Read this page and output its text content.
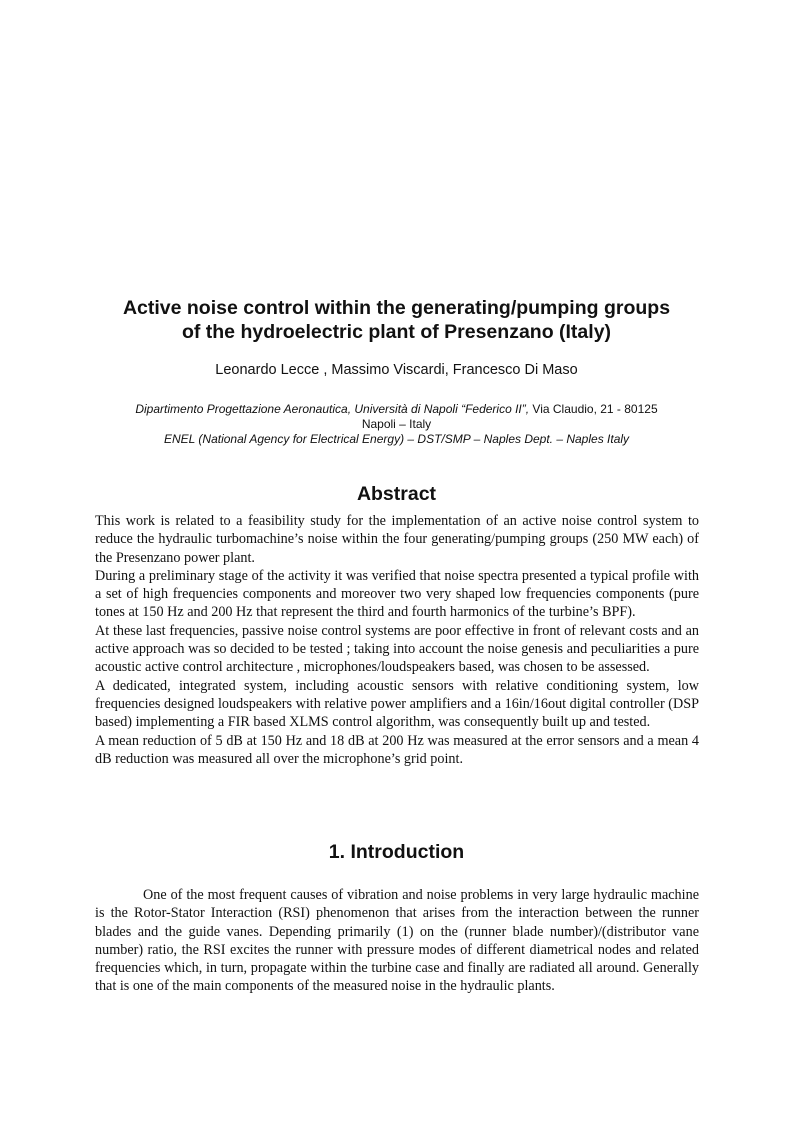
Active noise control within the generating/pumping groups
of the hydroelectric plant of Presenzano (Italy)

Leonardo Lecce , Massimo Viscardi, Francesco Di Maso

Dipartimento Progettazione Aeronautica, Università di Napoli “Federico II”, Via Claudio, 21 - 80125

Napoli – Italy

ENEL (National Agency for Electrical Energy) – DST/SMP – Naples Dept. – Naples Italy

Abstract

This work is related to a feasibility study for the implementation of an active noise control system to reduce the hydraulic turbomachine’s noise within the four generating/pumping groups (250 MW each) of the Presenzano power plant.

During a preliminary stage of the activity it was verified that noise spectra presented a typical profile with a set of high frequencies components and moreover two very shaped low frequencies components (pure tones at 150 Hz and 200 Hz that represent the third and fourth harmonics of the turbine’s BPF).

At these last frequencies, passive noise control systems are poor effective in front of relevant costs and an active approach was so decided to be tested ; taking into account the noise genesis and peculiarities a pure acoustic active control architecture , microphones/loudspeakers based, was chosen to be assessed.

A dedicated, integrated system, including acoustic sensors with relative conditioning system, low frequencies designed loudspeakers with relative power amplifiers and a 16in/16out digital controller (DSP based) implementing a FIR based XLMS control algorithm, was consequently built up and tested.

A mean reduction of 5 dB at 150 Hz and 18 dB at 200 Hz was measured at the error sensors and a mean 4 dB reduction was measured all over the microphone’s grid point.

1. Introduction

One of the most frequent causes of vibration and noise problems in very large hydraulic machine is the Rotor-Stator Interaction (RSI) phenomenon that arises from the interaction between the runner blades and the guide vanes. Depending primarily (1) on the (runner blade number)/(distributor vane number) ratio, the RSI excites the runner with pressure modes of different diametrical nodes and related frequencies which, in turn, propagate within the turbine case and finally are radiated all around. Generally that is one of the main components of the measured noise in the hydraulic plants.
